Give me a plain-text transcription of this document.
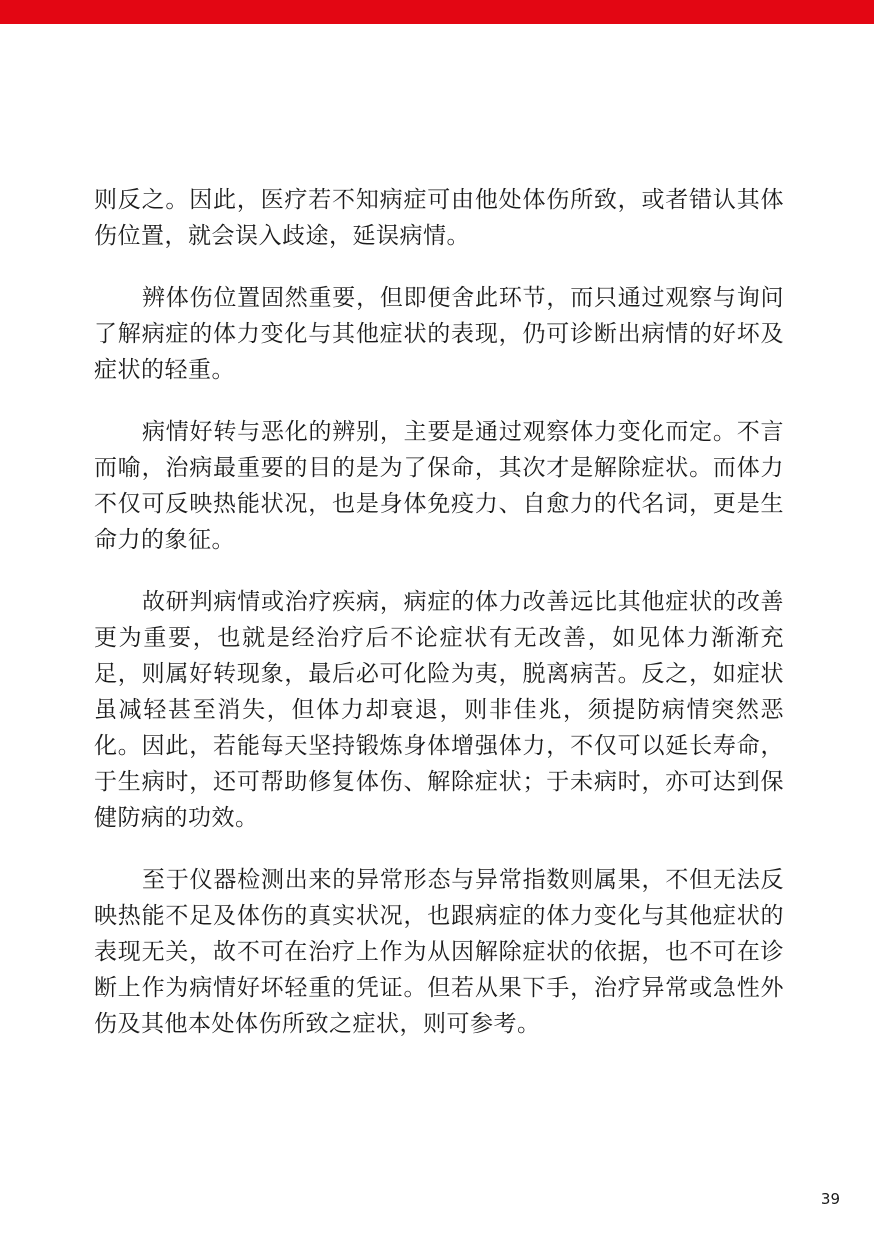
则反之。因此，医疗若不知病症可由他处体伤所致，或者错认其体伤位置，就会误入歧途，延误病情。

辨体伤位置固然重要，但即便舍此环节，而只通过观察与询问了解病症的体力变化与其他症状的表现，仍可诊断出病情的好坏及症状的轻重。

病情好转与恶化的辨别，主要是通过观察体力变化而定。不言而喻，治病最重要的目的是为了保命，其次才是解除症状。而体力不仅可反映热能状况，也是身体免疫力、自愈力的代名词，更是生命力的象征。

故研判病情或治疗疾病，病症的体力改善远比其他症状的改善更为重要，也就是经治疗后不论症状有无改善，如见体力渐渐充足，则属好转现象，最后必可化险为夷，脱离病苦。反之，如症状虽减轻甚至消失，但体力却衰退，则非佳兆，须提防病情突然恶化。因此，若能每天坚持锻炼身体增强体力，不仅可以延长寿命，于生病时，还可帮助修复体伤、解除症状；于未病时，亦可达到保健防病的功效。

至于仪器检测出来的异常形态与异常指数则属果，不但无法反映热能不足及体伤的真实状况，也跟病症的体力变化与其他症状的表现无关，故不可在治疗上作为从因解除症状的依据，也不可在诊断上作为病情好坏轻重的凭证。但若从果下手，治疗异常或急性外伤及其他本处体伤所致之症状，则可参考。

39
